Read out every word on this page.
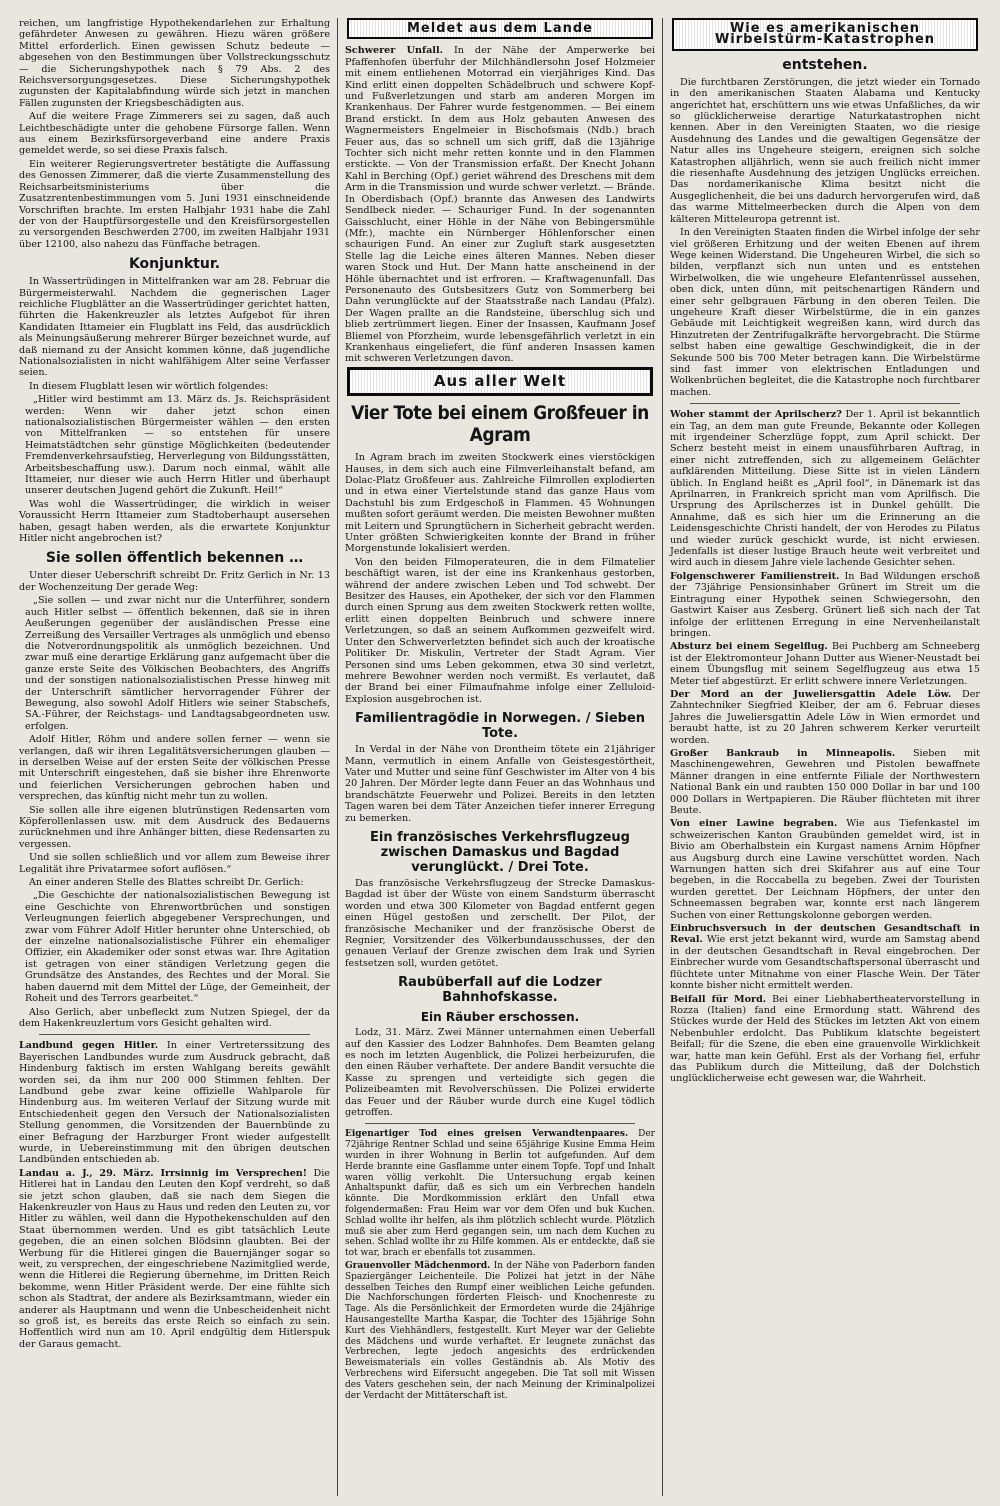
reichen, um langfristige Hypothekendarlehen zur Erhaltung gefährdeter Anwesen zu gewähren. Hiezu wären größere Mittel erforderlich. Einen gewissen Schutz bedeute — abgesehen von den Bestimmungen über Vollstreckungsschutz — die Sicherungshypothek nach § 79 Abs. 2 des Reichsversorgungsgesetzes. Diese Sicherungshypothek zugunsten der Kapitalabfindung würde sich jetzt in manchen Fällen zugunsten der Kriegsbeschädigten aus.

Auf die weitere Frage Zimmerers sei zu sagen, daß auch Leichtbeschädigte unter die gehobene Fürsorge fallen. Wenn aus einem Bezirksfürsorgeverband eine andere Praxis gemeldet werde, so sei diese Praxis falsch.

Ein weiterer Regierungsvertreter bestätigte die Auffassung des Genossen Zimmerer, daß die vierte Zusammenstellung des Reichsarbeitsministeriums über die Zusatzrentenbestimmungen vom 5. Juni 1931 einschneidende Vorschriften brachte. Im ersten Halbjahr 1931 habe die Zahl der von der Hauptfürsorgestelle und den Kreisfürsorgestellen zu versorgenden Beschwerden 2700, im zweiten Halbjahr 1931 über 12100, also nahezu das Fünffache betragen.

Konjunktur.

In Wassertrüdingen in Mittelfranken war am 28. Februar die Bürgermeisterwahl. Nachdem die gegnerischen Lager reichliche Flugblätter an die Wassertrüdinger gerichtet hatten, führten die Hakenkreuzler als letztes Aufgebot für ihren Kandidaten Ittameier ein Flugblatt ins Feld, das ausdrücklich als Meinungsäußerung mehrerer Bürger bezeichnet wurde, auf daß niemand zu der Ansicht kommen könne, daß jugendliche Nationalsozialisten in nicht wahlfähigem Alter seine Verfasser seien.

In diesem Flugblatt lesen wir wörtlich folgendes:

„Hitler wird bestimmt am 13. März ds. Js. Reichspräsident werden: Wenn wir daher jetzt schon einen nationalsozialistischen Bürgermeister wählen — den ersten von Mittelfranken — so entstehen für unsere Heimatstädtchen sehr günstige Möglichkeiten (bedeutender Fremdenverkehrsaufstieg, Herverlegung von Bildungsstätten, Arbeitsbeschaffung usw.). Darum noch einmal, wählt alle Ittameier, nur dieser wie auch Herrn Hitler und überhaupt unserer deutschen Jugend gehört die Zukunft. Heil!“

Was wohl die Wassertrüdinger, die wirklich in weiser Voraussicht Herrn Ittameier zum Stadtoberhaupt ausersehen haben, gesagt haben werden, als die erwartete Konjunktur Hitler nicht angebrochen ist?

Sie sollen öffentlich bekennen …

Unter dieser Ueberschrift schreibt Dr. Fritz Gerlich in Nr. 13 der Wochenzeitung Der gerade Weg:

„Sie sollen — und zwar nicht nur die Unterführer, sondern auch Hitler selbst — öffentlich bekennen, daß sie in ihren Aeußerungen gegenüber der ausländischen Presse eine Zerreißung des Versailler Vertrages als unmöglich und ebenso die Notverordnungspolitik als unmöglich bezeichnen. Und zwar muß eine derartige Erklärung ganz aufgemacht über die ganze erste Seite des Völkischen Beobachters, des Angriffs und der sonstigen nationalsozialistischen Presse hinweg mit der Unterschrift sämtlicher hervorragender Führer der Bewegung, also sowohl Adolf Hitlers wie seiner Stabschefs, SA.-Führer, der Reichstags- und Landtagsabgeordneten usw. erfolgen.

Adolf Hitler, Röhm und andere sollen ferner — wenn sie verlangen, daß wir ihren Legalitätsversicherungen glauben — in derselben Weise auf der ersten Seite der völkischen Presse mit Unterschrift eingestehen, daß sie bisher ihre Ehrenworte und feierlichen Versicherungen gebrochen haben und versprechen, das künftig nicht mehr tun zu wollen.

Sie sollen alle ihre eigenen blutrünstigen Redensarten vom Köpferollenlassen usw. mit dem Ausdruck des Bedauerns zurücknehmen und ihre Anhänger bitten, diese Redensarten zu vergessen.

Und sie sollen schließlich und vor allem zum Beweise ihrer Legalität ihre Privatarmee sofort auflösen.“

An einer anderen Stelle des Blattes schreibt Dr. Gerlich:

„Die Geschichte der nationalsozialistischen Bewegung ist eine Geschichte von Ehrenwortbrüchen und sonstigen Verleugnungen feierlich abgegebener Versprechungen, und zwar vom Führer Adolf Hitler herunter ohne Unterschied, ob der einzelne nationalsozialistische Führer ein ehemaliger Offizier, ein Akademiker oder sonst etwas war. Ihre Agitation ist getragen von einer ständigen Verletzung gegen die Grundsätze des Anstandes, des Rechtes und der Moral. Sie haben dauernd mit dem Mittel der Lüge, der Gemeinheit, der Roheit und des Terrors gearbeitet.“

Also Gerlich, aber unbefleckt zum Nutzen Spiegel, der da dem Hakenkreuzlertum vors Gesicht gehalten wird.

Landbund gegen Hitler. In einer Vertreterssitzung des Bayerischen Landbundes wurde zum Ausdruck gebracht, daß Hindenburg faktisch im ersten Wahlgang bereits gewählt worden sei, da ihm nur 200 000 Stimmen fehlten. Der Landbund gebe zwar keine offizielle Wahlparole für Hindenburg aus. Im weiteren Verlauf der Sitzung wurde mit Entschiedenheit gegen den Versuch der Nationalsozialisten Stellung genommen, die Vorsitzenden der Bauernbünde zu einer Befragung der Harzburger Front wieder aufgestellt wurde, in Uebereinstimmung mit den übrigen deutschen Landbünden entschieden ab.

Landau a. J., 29. März. Irrsinnig im Versprechen! Die Hitlerei hat in Landau den Leuten den Kopf verdreht, so daß sie jetzt schon glauben, daß sie nach dem Siegen die Hakenkreuzler von Haus zu Haus und reden den Leuten zu, vor Hitler zu wählen, weil dann die Hypothekenschulden auf den Staat übernommen werden. Und es gibt tatsächlich Leute gegeben, die an einen solchen Blödsinn glaubten. Bei der Werbung für die Hitlerei gingen die Bauernjänger sogar so weit, zu versprechen, der eingeschriebene Nazimitglied werde, wenn die Hitlerei die Regierung übernehme, im Dritten Reich bekomme, wenn Hitler Präsident werde. Der eine fühlte sich schon als Stadtrat, der andere als Bezirksamtmann, wieder ein anderer als Hauptmann und wenn die Unbescheidenheit nicht so groß ist, es bereits das erste Reich so einfach zu sein. Hoffentlich wird nun am 10. April endgültig dem Hitlerspuk der Garaus gemacht.

Meldet aus dem Lande

Schwerer Unfall. In der Nähe der Amperwerke bei Pfaffenhofen überfuhr der Milchhändlersohn Josef Holzmeier mit einem entliehenen Motorrad ein vierjähriges Kind. Das Kind erlitt einen doppelten Schädelbruch und schwere Kopf- und Fußverletzungen und starb am anderen Morgen im Krankenhaus. Der Fahrer wurde festgenommen. — Bei einem Brand erstickt. In dem aus Holz gebauten Anwesen des Wagnermeisters Engelmeier in Bischofsmais (Ndb.) brach Feuer aus, das so schnell um sich griff, daß die 13jährige Tochter sich nicht mehr retten konnte und in den Flammen erstickte. — Von der Transmission erfaßt. Der Knecht Johann Kahl in Berching (Opf.) geriet während des Dreschens mit dem Arm in die Transmission und wurde schwer verletzt. — Brände. In Oberdisbach (Opf.) brannte das Anwesen des Landwirts Sendlbeck nieder. — Schauriger Fund. In der sogenannten Gaisschlucht, einer Höhle in der Nähe von Bebingersmühle (Mfr.), machte ein Nürnberger Höhlenforscher einen schaurigen Fund. An einer zur Zugluft stark ausgesetzten Stelle lag die Leiche eines älteren Mannes. Neben dieser waren Stock und Hut. Der Mann hatte anscheinend in der Höhle übernachtet und ist erfroren. — Kraftwagenunfall. Das Personenauto des Gutsbesitzers Gutz von Sommerberg bei Dahn verunglückte auf der Staatsstraße nach Landau (Pfalz). Der Wagen prallte an die Randsteine, überschlug sich und blieb zertrümmert liegen. Einer der Insassen, Kaufmann Josef Bliemel von Pforzheim, wurde lebensgefährlich verletzt in ein Krankenhaus eingeliefert, die fünf anderen Insassen kamen mit schweren Verletzungen davon.

Aus aller Welt
Vier Tote bei einem Großfeuer in Agram

In Agram brach im zweiten Stockwerk eines vierstöckigen Hauses, in dem sich auch eine Filmverleihanstalt befand, am Dolac-Platz Großfeuer aus. Zahlreiche Filmrollen explodierten und in etwa einer Viertelstunde stand das ganze Haus vom Dachstuhl bis zum Erdgeschoß in Flammen. 45 Wohnungen mußten sofort geräumt werden. Die meisten Bewohner mußten mit Leitern und Sprungtüchern in Sicherheit gebracht werden. Unter größten Schwierigkeiten konnte der Brand in früher Morgenstunde lokalisiert werden.

Von den beiden Filmoperateuren, die in dem Filmatelier beschäftigt waren, ist der eine ins Krankenhaus gestorben, während der andere zwischen Leben und Tod schwebt. Der Besitzer des Hauses, ein Apotheker, der sich vor den Flammen durch einen Sprung aus dem zweiten Stockwerk retten wollte, erlitt einen doppelten Beinbruch und schwere innere Verletzungen, so daß an seinem Aufkommen gezweifelt wird. Unter den Schwerverletzten befindet sich auch der kroatische Politiker Dr. Miskulin, Vertreter der Stadt Agram. Vier Personen sind ums Leben gekommen, etwa 30 sind verletzt, mehrere Bewohner werden noch vermißt. Es verlautet, daß der Brand bei einer Filmaufnahme infolge einer Zelluloid-Explosion ausgebrochen ist.

Familientragödie in Norwegen. / Sieben Tote.

In Verdal in der Nähe von Drontheim tötete ein 21jähriger Mann, vermutlich in einem Anfalle von Geistesgestörtheit, Vater und Mutter und seine fünf Geschwister im Alter von 4 bis 20 Jahren. Der Mörder legte dann Feuer an das Wohnhaus und brandschätzte Feuerwehr und Polizei. Bereits in den letzten Tagen waren bei dem Täter Anzeichen tiefer innerer Erregung zu bemerken.

Ein französisches Verkehrsflugzeug zwischen Damaskus und Bagdad verunglückt. / Drei Tote.

Das französische Verkehrsflugzeug der Strecke Damaskus-Bagdad ist über der Wüste von einem Sandsturm überrascht worden und etwa 300 Kilometer von Bagdad entfernt gegen einen Hügel gestoßen und zerschellt. Der Pilot, der französische Mechaniker und der französische Oberst de Regnier, Vorsitzender des Völkerbundausschusses, der den genauen Verlauf der Grenze zwischen dem Irak und Syrien festsetzen soll, wurden getötet.

Raubüberfall auf die Lodzer Bahnhofskasse.
Ein Räuber erschossen.

Lodz, 31. März. Zwei Männer unternahmen einen Ueberfall auf den Kassier des Lodzer Bahnhofes. Dem Beamten gelang es noch im letzten Augenblick, die Polizei herbeizurufen, die den einen Räuber verhaftete. Der andere Bandit versuchte die Kasse zu sprengen und verteidigte sich gegen die Polizeibeamten mit Revolverschüssen. Die Polizei erwiderte das Feuer und der Räuber wurde durch eine Kugel tödlich getroffen.

Eigenartiger Tod eines greisen Verwandtenpaares. Der 72jährige Rentner Schlad und seine 65jährige Kusine Emma Heim wurden in ihrer Wohnung in Berlin tot aufgefunden. Auf dem Herde brannte eine Gasflamme unter einem Topfe. Topf und Inhalt waren völlig verkohlt. Die Untersuchung ergab keinen Anhaltspunkt dafür, daß es sich um ein Verbrechen handeln könnte. Die Mordkommission erklärt den Unfall etwa folgendermaßen: Frau Heim war vor dem Ofen und buk Kuchen. Schlad wollte ihr helfen, als ihm plötzlich schlecht wurde. Plötzlich muß sie aber zum Herd gegangen sein, um nach dem Kuchen zu sehen. Schlad wollte ihr zu Hilfe kommen. Als er entdeckte, daß sie tot war, brach er ebenfalls tot zusammen.

Grauenvoller Mädchenmord. In der Nähe von Paderborn fanden Spaziergänger Leichenteile. Die Polizei hat jetzt in der Nähe desselben Teiches den Rumpf einer weiblichen Leiche gefunden. Die Nachforschungen förderten Fleisch- und Knochenreste zu Tage. Als die Persönlichkeit der Ermordeten wurde die 24jährige Hausangestellte Martha Kaspar, die Tochter des 15jährige Sohn Kurt des Viehhändlers, festgestellt. Kurt Meyer war der Geliebte des Mädchens und wurde verhaftet. Er leugnete zunächst das Verbrechen, legte jedoch angesichts des erdrückenden Beweismaterials ein volles Geständnis ab. Als Motiv des Verbrechens wird Eifersucht angegeben. Die Tat soll mit Wissen des Vaters geschehen sein, der nach Meinung der Kriminalpolizei der Verdacht der Mittäterschaft ist.

Wie es amerikanischen Wirbelstürm-Katastrophen
entstehen.

Die furchtbaren Zerstörungen, die jetzt wieder ein Tornado in den amerikanischen Staaten Alabama und Kentucky angerichtet hat, erschüttern uns wie etwas Unfaßliches, da wir so glücklicherweise derartige Naturkatastrophen nicht kennen. Aber in den Vereinigten Staaten, wo die riesige Ausdehnung des Landes und die gewaltigen Gegensätze der Natur alles ins Ungeheure steigern, ereignen sich solche Katastrophen alljährlich, wenn sie auch freilich nicht immer die riesenhafte Ausdehnung des jetzigen Unglücks erreichen. Das nordamerikanische Klima besitzt nicht die Ausgeglichenheit, die bei uns dadurch hervorgerufen wird, daß das warme Mittelmeerbecken durch die Alpen von dem kälteren Mitteleuropa getrennt ist.

In den Vereinigten Staaten finden die Wirbel infolge der sehr viel größeren Erhitzung und der weiten Ebenen auf ihrem Wege keinen Widerstand. Die Ungeheuren Wirbel, die sich so bilden, verpflanzt sich nun unten und es entstehen Wirbelwolken, die wie ungeheure Elefantenrüssel aussehen, oben dick, unten dünn, mit peitschenartigen Rändern und einer sehr gelbgrauen Färbung in den oberen Teilen. Die ungeheure Kraft dieser Wirbelstürme, die in ein ganzes Gebäude mit Leichtigkeit wegreißen kann, wird durch das Hinzutreten der Zentrifugalkräfte hervorgebracht. Die Stürme selbst haben eine gewaltige Geschwindigkeit, die in der Sekunde 500 bis 700 Meter betragen kann. Die Wirbelstürme sind fast immer von elektrischen Entladungen und Wolkenbrüchen begleitet, die die Katastrophe noch furchtbarer machen.

Woher stammt der Aprilscherz? Der 1. April ist bekanntlich ein Tag, an dem man gute Freunde, Bekannte oder Kollegen mit irgendeiner Scherzlüge foppt, zum April schickt. Der Scherz besteht meist in einem unausführbaren Auftrag, in einer nicht zutreffenden, sich zu allgemeinem Gelächter aufklärenden Mitteilung. Diese Sitte ist in vielen Ländern üblich. In England heißt es „April fool“, in Dänemark ist das Aprilnarren, in Frankreich spricht man vom Aprilfisch. Die Ursprung des Aprilscherzes ist in Dunkel gehüllt. Die Annahme, daß es sich hier um die Erinnerung an die Leidensgeschichte Christi handelt, der von Herodes zu Pilatus und wieder zurück geschickt wurde, ist nicht erwiesen. Jedenfalls ist dieser lustige Brauch heute weit verbreitet und wird auch in diesem Jahre viele lachende Gesichter sehen.

Folgenschwerer Familienstreit. In Bad Wildungen erschoß der 73jährige Pensionsinhaber Grünert im Streit um die Eintragung einer Hypothek seinen Schwiegersohn, den Gastwirt Kaiser aus Zesberg. Grünert ließ sich nach der Tat infolge der erlittenen Erregung in eine Nervenheilanstalt bringen.

Absturz bei einem Segelflug. Bei Puchberg am Schneeberg ist der Elektromonteur Johann Dutter aus Wiener-Neustadt bei einem Übungsflug mit seinem Segelflugzeug aus etwa 15 Meter tief abgestürzt. Er erlitt schwere innere Verletzungen.

Der Mord an der Juweliersgattin Adele Löw. Der Zahntechniker Siegfried Kleiber, der am 6. Februar dieses Jahres die Juweliersgattin Adele Löw in Wien ermordet und beraubt hatte, ist zu 20 Jahren schwerem Kerker verurteilt worden.

Großer Bankraub in Minneapolis. Sieben mit Maschinengewehren, Gewehren und Pistolen bewaffnete Männer drangen in eine entfernte Filiale der Northwestern National Bank ein und raubten 150 000 Dollar in bar und 100 000 Dollars in Wertpapieren. Die Räuber flüchteten mit ihrer Beute.

Von einer Lawine begraben. Wie aus Tiefenkastel im schweizerischen Kanton Graubünden gemeldet wird, ist in Bivio am Oberhalbstein ein Kurgast namens Arnim Höpfner aus Augsburg durch eine Lawine verschüttet worden. Nach Warnungen hatten sich drei Skifahrer aus auf eine Tour begeben, in die Roccabella zu begeben. Zwei der Touristen wurden gerettet. Der Leichnam Höpfners, der unter den Schneemassen begraben war, konnte erst nach längerem Suchen von einer Rettungskolonne geborgen werden.

Einbruchsversuch in der deutschen Gesandtschaft in Reval. Wie erst jetzt bekannt wird, wurde am Samstag abend in der deutschen Gesandtschaft in Reval eingebrochen. Der Einbrecher wurde vom Gesandtschaftspersonal überrascht und flüchtete unter Mitnahme von einer Flasche Wein. Der Täter konnte bisher nicht ermittelt werden.

Beifall für Mord. Bei einer Liebhabertheatervorstellung in Rozza (Italien) fand eine Ermordung statt. Während des Stückes wurde der Held des Stückes im letzten Akt von einem Nebenbuhler erdolcht. Das Publikum klatschte begeistert Beifall; für die Szene, die eben eine grauenvolle Wirklichkeit war, hatte man kein Gefühl. Erst als der Vorhang fiel, erfuhr das Publikum durch die Mitteilung, daß der Dolchstich unglücklicherweise echt gewesen war, die Wahrheit.
